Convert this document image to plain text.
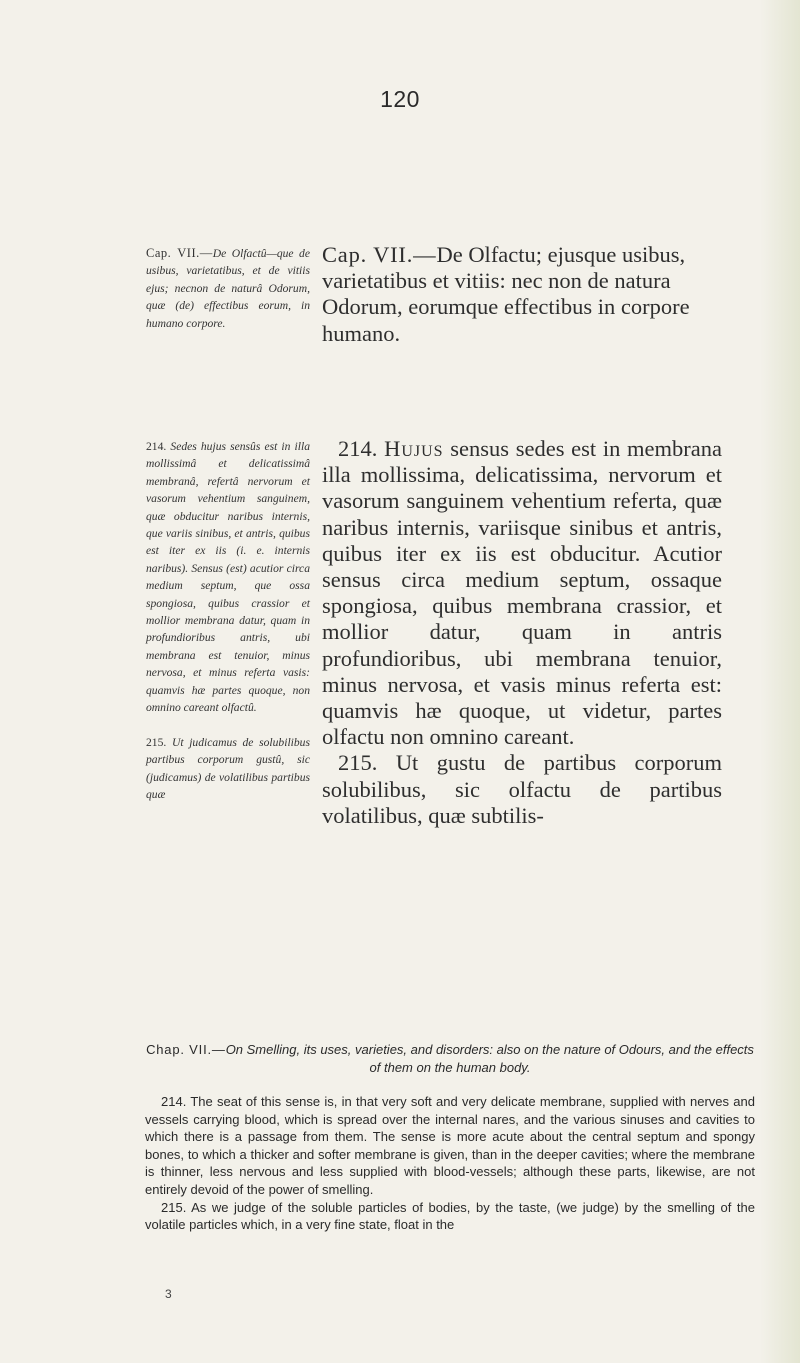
120
Cap. VII.—De Olfactû—que de usibus, varietatibus, et de vitiis ejus; necnon de naturâ Odorum, quæ (de) effectibus eorum, in humano corpore.
214. Sedes hujus sensûs est in illa mollissimâ et delicatissimâ membranâ, refertâ nervorum et vasorum vehentium sanguinem, quæ obducitur naribus internis, que variis sinibus, et antris, quibus est iter ex iis (i. e. internis naribus). Sensus (est) acutior circa medium septum, que ossa spongiosa, quibus crassior et mollior membrana datur, quam in profundioribus antris, ubi membrana est tenuior, minus nervosa, et minus referta vasis: quamvis hæ partes quoque, non omnino careant olfactû.
215. Ut judicamus de solubilibus partibus corporum gustû, sic (judicamus) de volatilibus partibus quæ
Cap. VII.—De Olfactu; ejusque usibus, varietatibus et vitiis: nec non de natura Odorum, eorumque effectibus in corpore humano.

214. Hujus sensus sedes est in membrana illa mollissima, delicatissima, nervorum et vasorum sanguinem vehentium referta, quæ naribus internis, variisque sinibus et antris, quibus iter ex iis est obducitur. Acutior sensus circa medium septum, ossaque spongiosa, quibus membrana crassior, et mollior datur, quam in antris profundioribus, ubi membrana tenuior, minus nervosa, et vasis minus referta est: quamvis hæ quoque, ut videtur, partes olfactu non omnino careant.

215. Ut gustu de partibus corporum solubilibus, sic olfactu de partibus volatilibus, quæ subtilis-

Chap. VII.—On Smelling, its uses, varieties, and disorders: also on the nature of Odours, and the effects of them on the human body.

214. The seat of this sense is, in that very soft and very delicate membrane, supplied with nerves and vessels carrying blood, which is spread over the internal nares, and the various sinuses and cavities to which there is a passage from them. The sense is more acute about the central septum and spongy bones, to which a thicker and softer membrane is given, than in the deeper cavities; where the membrane is thinner, less nervous and less supplied with blood-vessels; although these parts, likewise, are not entirely devoid of the power of smelling.

215. As we judge of the soluble particles of bodies, by the taste, (we judge) by the smelling of the volatile particles which, in a very fine state, float in the

3
